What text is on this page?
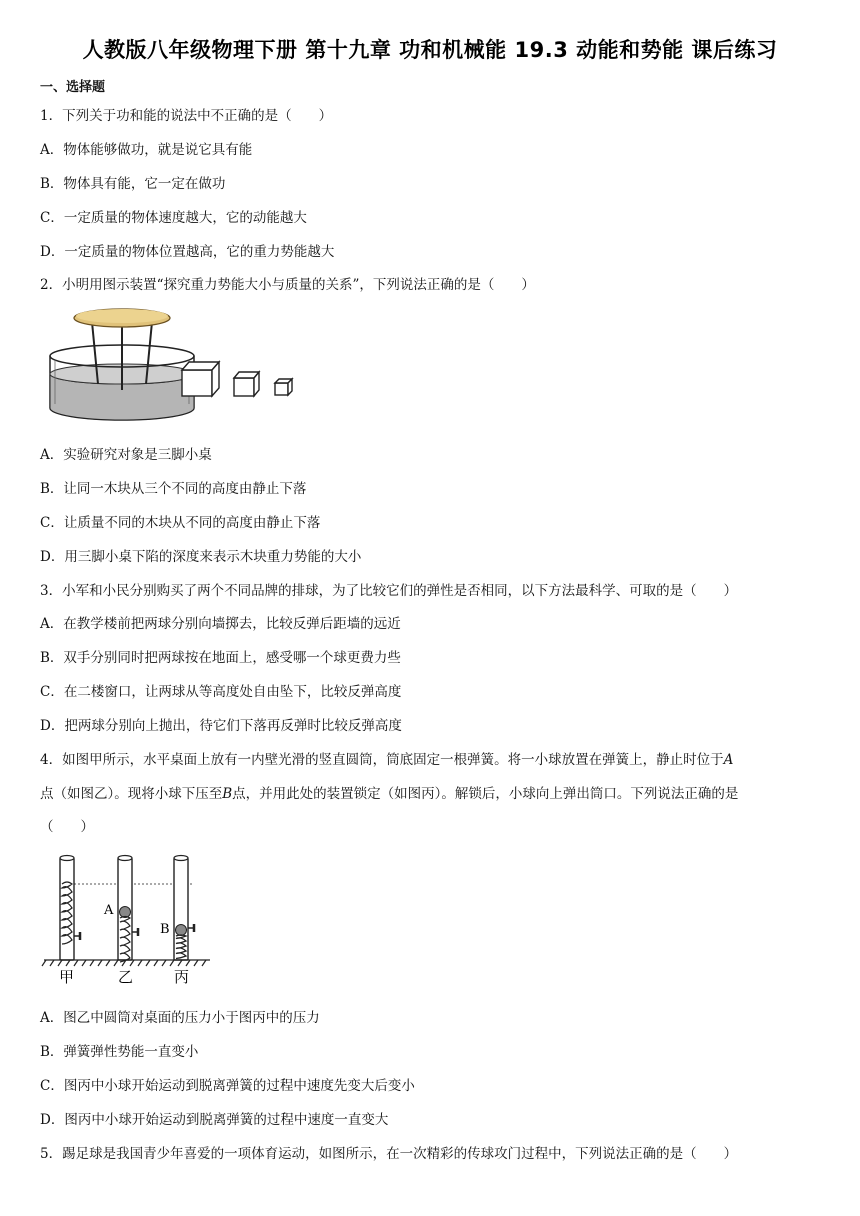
人教版八年级物理下册 第十九章 功和机械能 19.3 动能和势能 课后练习
一、选择题
1．下列关于功和能的说法中不正确的是（　　）
A．物体能够做功，就是说它具有能
B．物体具有能，它一定在做功
C．一定质量的物体速度越大，它的动能越大
D．一定质量的物体位置越高，它的重力势能越大
2．小明用图示装置“探究重力势能大小与质量的关系”，下列说法正确的是（　　）
A．实验研究对象是三脚小桌
B．让同一木块从三个不同的高度由静止下落
C．让质量不同的木块从不同的高度由静止下落
D．用三脚小桌下陷的深度来表示木块重力势能的大小
3．小军和小民分别购买了两个不同品牌的排球，为了比较它们的弹性是否相同，以下方法最科学、可取的是（　　）
A．在教学楼前把两球分别向墙掷去，比较反弹后距墙的远近
B．双手分别同时把两球按在地面上，感受哪一个球更费力些
C．在二楼窗口，让两球从等高度处自由坠下，比较反弹高度
D．把两球分别向上抛出，待它们下落再反弹时比较反弹高度
4．如图甲所示，水平桌面上放有一内壁光滑的竖直圆筒，筒底固定一根弹簧。将一小球放置在弹簧上，静止时位于A
点（如图乙）。现将小球下压至B点，并用此处的装置锁定（如图丙）。解锁后，小球向上弹出筒口。下列说法正确的是
（　　）
A
B
甲	乙	丙
A．图乙中圆筒对桌面的压力小于图丙中的压力
B．弹簧弹性势能一直变小
C．图丙中小球开始运动到脱离弹簧的过程中速度先变大后变小
D．图丙中小球开始运动到脱离弹簧的过程中速度一直变大
5．踢足球是我国青少年喜爱的一项体育运动，如图所示，在一次精彩的传球攻门过程中，下列说法正确的是（　　）
